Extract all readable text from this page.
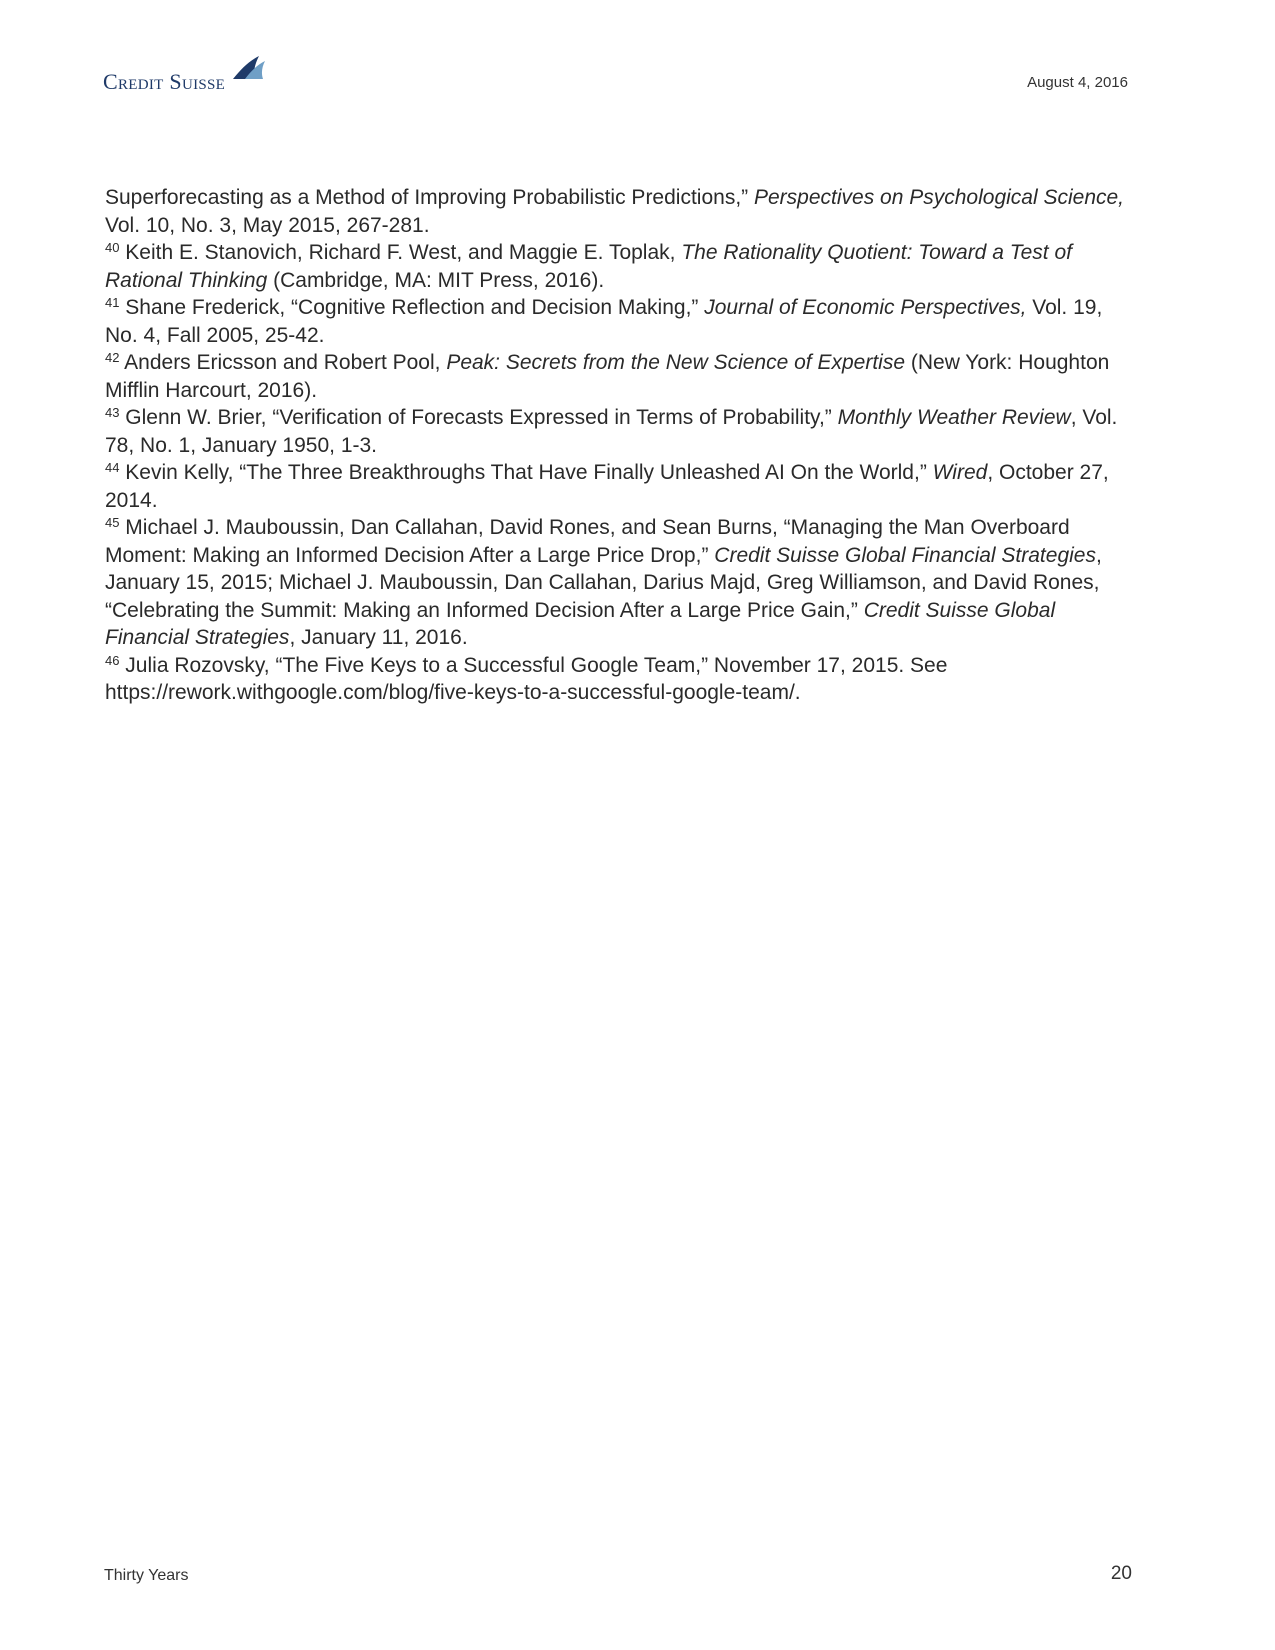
Credit Suisse	August 4, 2016

Superforecasting as a Method of Improving Probabilistic Predictions,” Perspectives on Psychological Science, Vol. 10, No. 3, May 2015, 267-281.

$^{40}$ Keith E. Stanovich, Richard F. West, and Maggie E. Toplak, The Rationality Quotient: Toward a Test of Rational Thinking (Cambridge, MA: MIT Press, 2016).

$^{41}$ Shane Frederick, “Cognitive Reflection and Decision Making,” Journal of Economic Perspectives, Vol. 19, No. 4, Fall 2005, 25-42.

$^{42}$ Anders Ericsson and Robert Pool, Peak: Secrets from the New Science of Expertise (New York: Houghton Mifflin Harcourt, 2016).

$^{43}$ Glenn W. Brier, “Verification of Forecasts Expressed in Terms of Probability,” Monthly Weather Review, Vol. 78, No. 1, January 1950, 1-3.

$^{44}$ Kevin Kelly, “The Three Breakthroughs That Have Finally Unleashed AI On the World,” Wired, October 27, 2014.

$^{45}$ Michael J. Mauboussin, Dan Callahan, David Rones, and Sean Burns, “Managing the Man Overboard Moment: Making an Informed Decision After a Large Price Drop,” Credit Suisse Global Financial Strategies, January 15, 2015; Michael J. Mauboussin, Dan Callahan, Darius Majd, Greg Williamson, and David Rones, “Celebrating the Summit: Making an Informed Decision After a Large Price Gain,” Credit Suisse Global Financial Strategies, January 11, 2016.

$^{46}$ Julia Rozovsky, “The Five Keys to a Successful Google Team,” November 17, 2015. See https://rework.withgoogle.com/blog/five-keys-to-a-successful-google-team/.

Thirty Years	20
